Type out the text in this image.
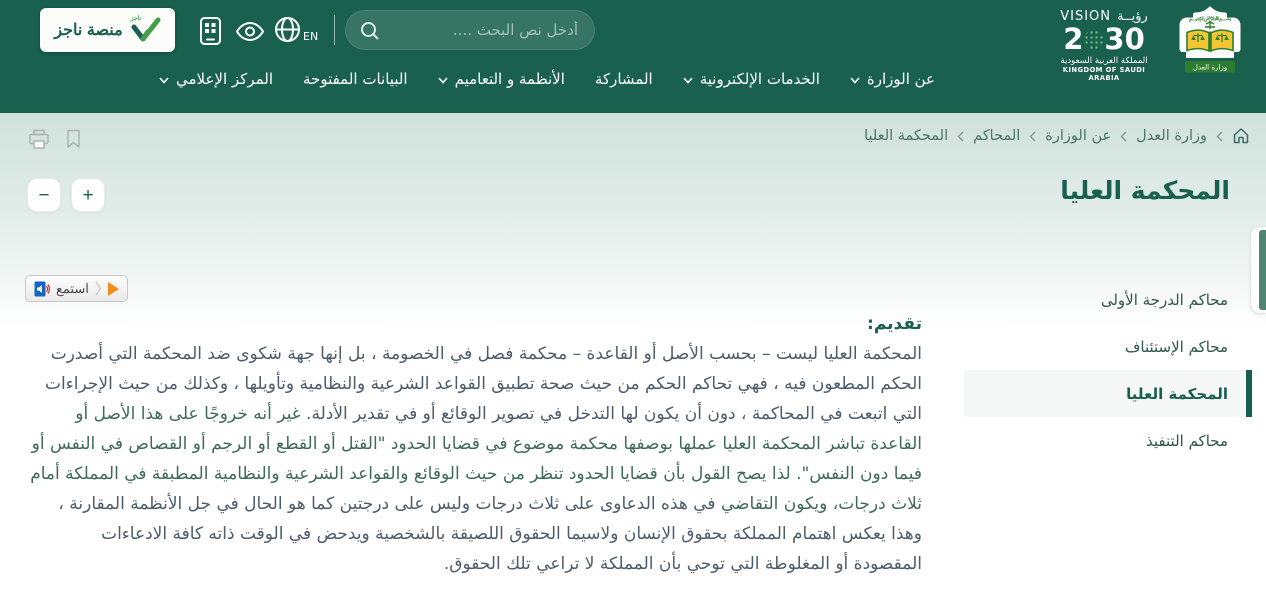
منصة ناجز
ناجز
EN
أدخل نص البحث ....
عن الوزارة
الخدمات الإلكترونية
المشاركة
الأنظمة و التعاميم
البيانات المفتوحة
المركز الإعلامي
رؤيــة
VISION
2 30
المملكة العربية السعودية
KINGDOM OF SAUDI ARABIA
﷽
وزارة العدل
وزارة العدل
عن الوزارة
المحاكم
المحكمة العليا
المحكمة العليا
−	+
استمع
محاكم الدرجة الأولى
محاكم الإستئناف
المحكمة العليا
محاكم التنفيذ
تقديم:

المحكمة العليا ليست – بحسب الأصل أو القاعدة – محكمة فصل في الخصومة ، بل إنها جهة شكوى ضد المحكمة التي أصدرت الحكم المطعون فيه ، فهي تحاكم الحكم من حيث صحة تطبيق القواعد الشرعية والنظامية وتأويلها ، وكذلك من حيث الإجراءات التي اتبعت في المحاكمة ، دون أن يكون لها التدخل في تصوير الوقائع أو في تقدير الأدلة. غير أنه خروجًا على هذا الأصل أو القاعدة تباشر المحكمة العليا عملها بوصفها محكمة موضوع في قضايا الحدود "القتل أو القطع أو الرجم أو القصاص في النفس أو فيما دون النفس". لذا يصح القول بأن قضايا الحدود تنظر من حيث الوقائع والقواعد الشرعية والنظامية المطبقة في المملكة أمام ثلاث درجات، ويكون التقاضي في هذه الدعاوى على ثلاث درجات وليس على درجتين كما هو الحال في جل الأنظمة المقارنة ، وهذا يعكس اهتمام المملكة بحقوق الإنسان ولاسيما الحقوق اللصيقة بالشخصية ويدحض في الوقت ذاته كافة الادعاءات المقصودة أو المغلوطة التي توحي بأن المملكة لا تراعي تلك الحقوق.
